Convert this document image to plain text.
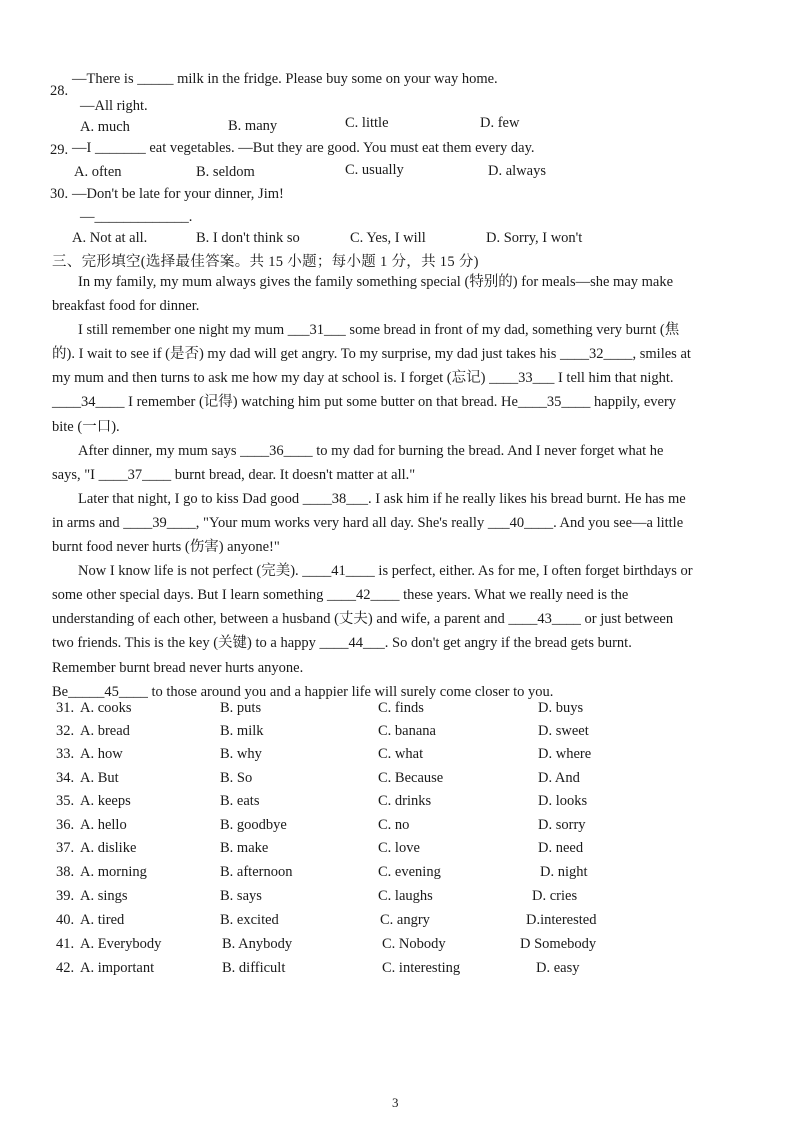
28.
—There is _____ milk in the fridge. Please buy some on your way home.
—All right.
A. much	B. many	C. little	D. few
29. —I _______ eat vegetables. —But they are good. You must eat them every day.
A. often	B. seldom	C. usually	D. always
30. —Don't be late for your dinner, Jim!
—_____________.
A. Not at all.	B. I don't think so	C. Yes, I will	D. Sorry, I won't
三、完形填空(选择最佳答案。共 15 小题；每小题 1 分，共 15 分)

In my family, my mum always gives the family something special (特别的) for meals—she may make breakfast food for dinner.

I still remember one night my mum ___31___ some bread in front of my dad, something very burnt (焦的). I wait to see if (是否) my dad will get angry. To my surprise, my dad just takes his ____32____, smiles at my mum and then turns to ask me how my day at school is. I forget (忘记) ____33___ I tell him that night. ____34____ I remember (记得) watching him put some butter on that bread. He____35____ happily, every bite (一口).

After dinner, my mum says ____36____ to my dad for burning the bread. And I never forget what he says, "I ____37____ burnt bread, dear. It doesn't matter at all."

Later that night, I go to kiss Dad good ____38___. I ask him if he really likes his bread burnt. He has me in arms and ____39____, "Your mum works very hard all day. She's really ___40____. And you see—a little burnt food never hurts (伤害) anyone!"

Now I know life is not perfect (完美). ____41____ is perfect, either. As for me, I often forget birthdays or some other special days. But I learn something ____42____ these years. What we really need is the understanding of each other, between a husband (丈夫) and wife, a parent and ____43____ or just between two friends. This is the key (关键) to a happy ____44___. So don't get angry if the bread gets burnt. Remember burnt bread never hurts anyone.

Be_____45____ to those around you and a happier life will surely come closer to you.

31. A. cooks	B. puts	C. finds	D. buys
32. A. bread	B. milk	C. banana	D. sweet
33. A. how	B. why	C. what	D. where
34. A. But	B. So	C. Because	D. And
35. A. keeps	B. eats	C. drinks	D. looks
36. A. hello	B. goodbye	C. no	D. sorry
37. A. dislike	B. make	C. love	D. need
38. A. morning	B. afternoon	C. evening	D. night
39. A. sings	B. says	C. laughs	D. cries
40. A. tired	B. excited	C. angry	D.interested
41. A. Everybody	B. Anybody	C. Nobody	D Somebody
42. A. important	B. difficult	C. interesting	D. easy
3
